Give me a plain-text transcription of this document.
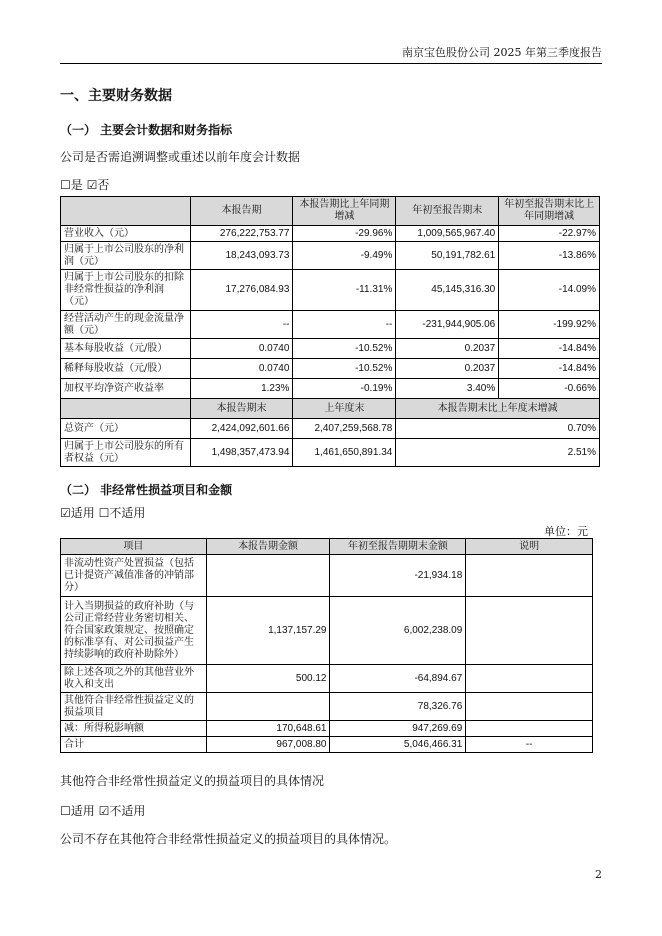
南京宝色股份公司 2025 年第三季度报告
一、主要财务数据
（一） 主要会计数据和财务指标
公司是否需追溯调整或重述以前年度会计数据
☐是 ☑否
	本报告期	本报告期比上年同期增减	年初至报告期末	年初至报告期末比上年同期增减
营业收入（元）	276,222,753.77	-29.96%	1,009,565,967.40	-22.97%
归属于上市公司股东的净利润（元）	18,243,093.73	-9.49%	50,191,782.61	-13.86%
归属于上市公司股东的扣除非经常性损益的净利润（元）	17,276,084.93	-11.31%	45,145,316.30	-14.09%
经营活动产生的现金流量净额（元）	--	--	-231,944,905.06	-199.92%
基本每股收益（元/股）	0.0740	-10.52%	0.2037	-14.84%
稀释每股收益（元/股）	0.0740	-10.52%	0.2037	-14.84%
加权平均净资产收益率	1.23%	-0.19%	3.40%	-0.66%
	本报告期末	上年度末	本报告期末比上年度末增减	
总资产（元）	2,424,092,601.66	2,407,259,568.78	0.70%	
归属于上市公司股东的所有者权益（元）	1,498,357,473.94	1,461,650,891.34	2.51%	
（二） 非经常性损益项目和金额
☑适用 ☐不适用
单位：元
项目	本报告期金额	年初至报告期期末金额	说明
非流动性资产处置损益（包括已计提资产减值准备的冲销部分）		-21,934.18	
计入当期损益的政府补助（与公司正常经营业务密切相关、符合国家政策规定、按照确定的标准享有、对公司损益产生持续影响的政府补助除外）	1,137,157.29	6,002,238.09	
除上述各项之外的其他营业外收入和支出	500.12	-64,894.67	
其他符合非经常性损益定义的损益项目		78,326.76	
减：所得税影响额	170,648.61	947,269.69	
合计	967,008.80	5,046,466.31	--
其他符合非经常性损益定义的损益项目的具体情况
☐适用 ☑不适用
公司不存在其他符合非经常性损益定义的损益项目的具体情况。
2
